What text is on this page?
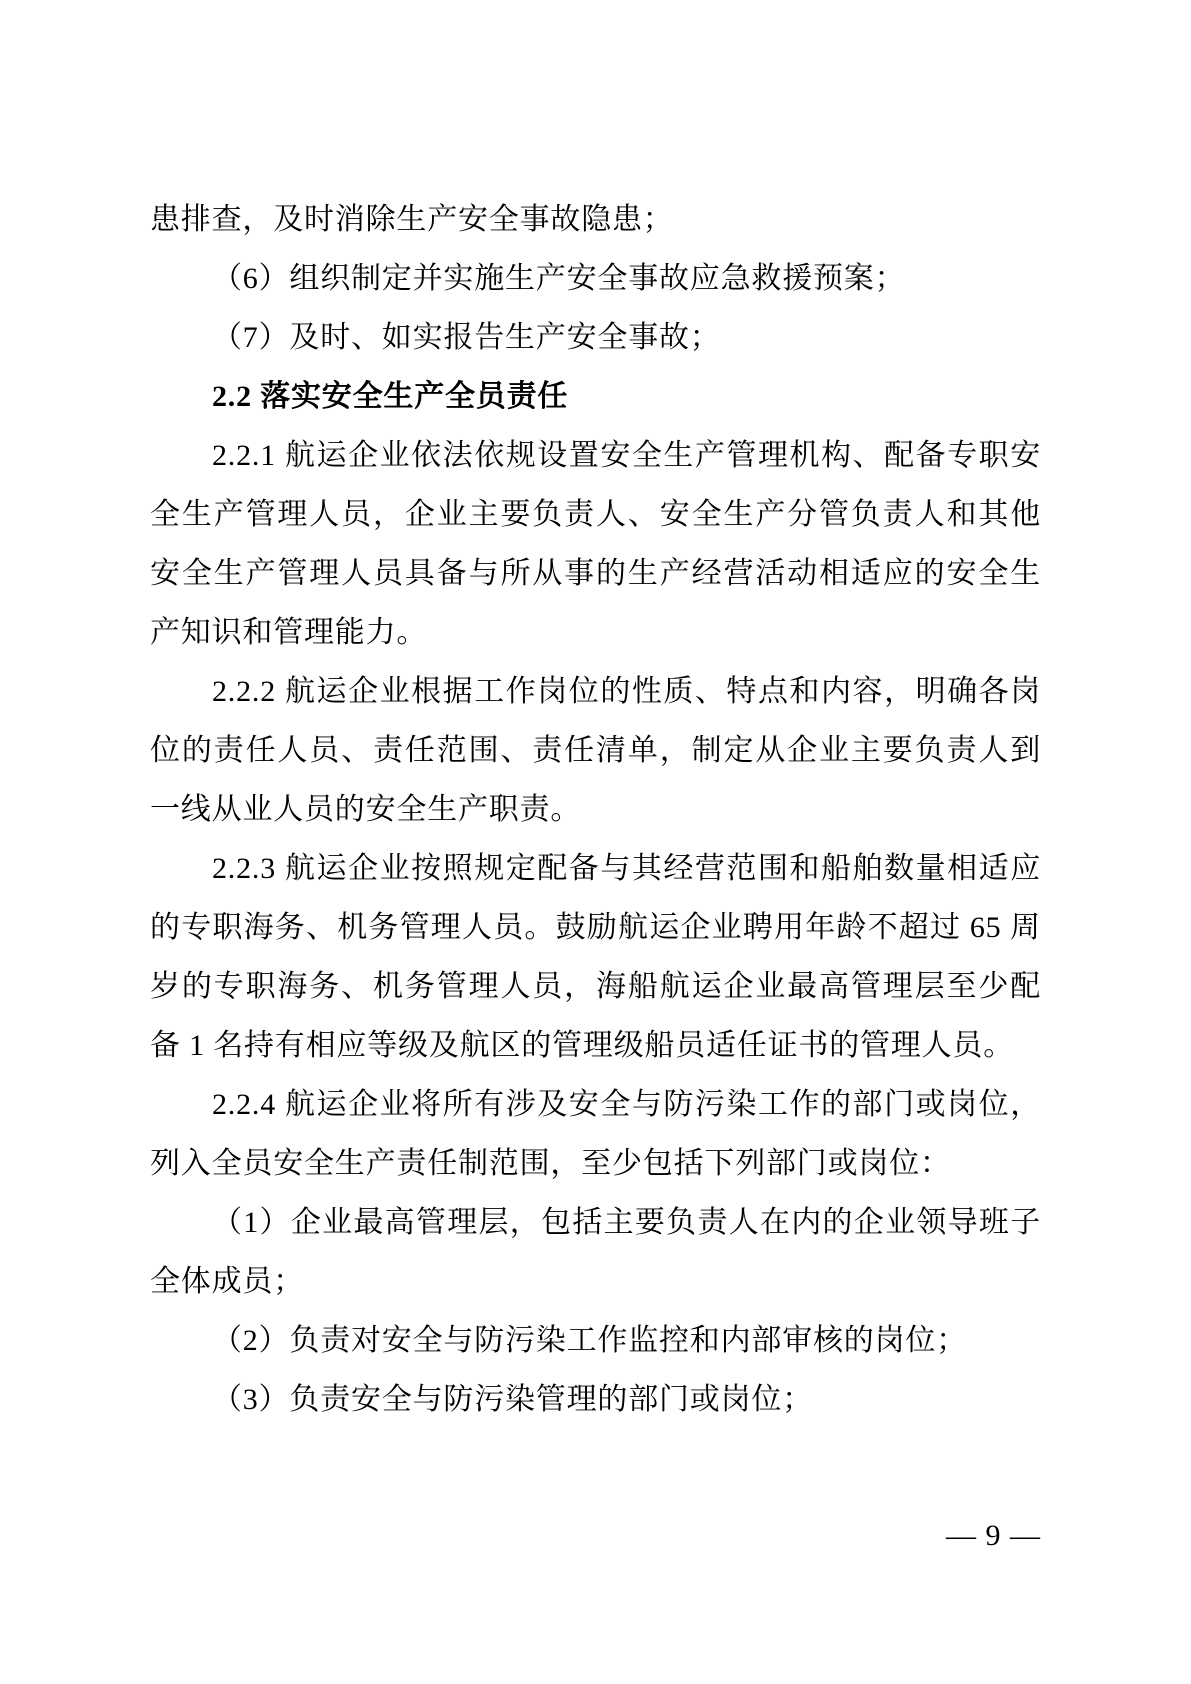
患排查，及时消除生产安全事故隐患；

（6）组织制定并实施生产安全事故应急救援预案；

（7）及时、如实报告生产安全事故；

2.2 落实安全生产全员责任

2.2.1 航运企业依法依规设置安全生产管理机构、配备专职安全生产管理人员，企业主要负责人、安全生产分管负责人和其他安全生产管理人员具备与所从事的生产经营活动相适应的安全生产知识和管理能力。

2.2.2 航运企业根据工作岗位的性质、特点和内容，明确各岗位的责任人员、责任范围、责任清单，制定从企业主要负责人到一线从业人员的安全生产职责。

2.2.3 航运企业按照规定配备与其经营范围和船舶数量相适应的专职海务、机务管理人员。鼓励航运企业聘用年龄不超过 65 周岁的专职海务、机务管理人员，海船航运企业最高管理层至少配备 1 名持有相应等级及航区的管理级船员适任证书的管理人员。

2.2.4 航运企业将所有涉及安全与防污染工作的部门或岗位，列入全员安全生产责任制范围，至少包括下列部门或岗位：

（1）企业最高管理层，包括主要负责人在内的企业领导班子全体成员；

（2）负责对安全与防污染工作监控和内部审核的岗位；

（3）负责安全与防污染管理的部门或岗位；

— 9 —
